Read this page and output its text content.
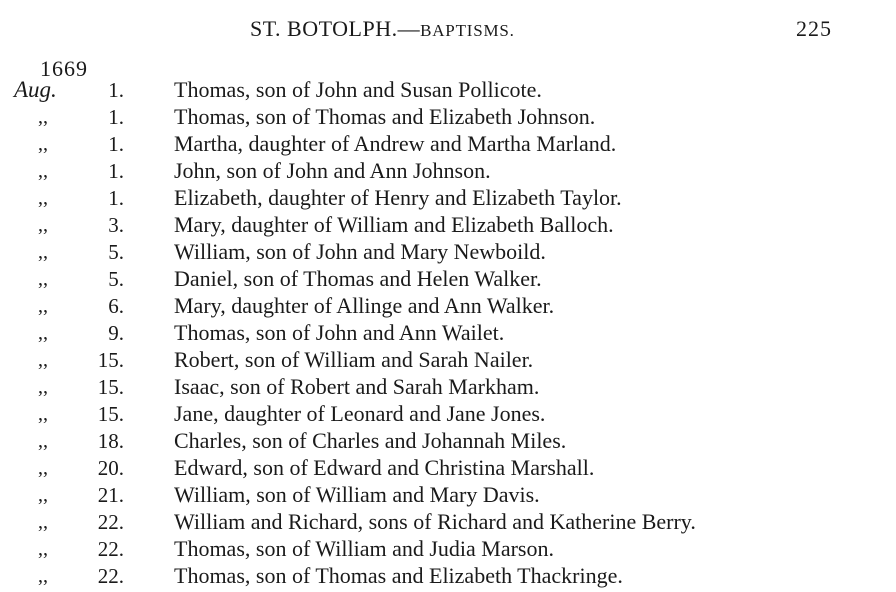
ST. BOTOLPH.—BAPTISMS.	225
1669
Aug.	1. Thomas, son of John and Susan Pollicote.
,,	1. Thomas, son of Thomas and Elizabeth Johnson.
,,	1. Martha, daughter of Andrew and Martha Marland.
,,	1. John, son of John and Ann Johnson.
,,	1. Elizabeth, daughter of Henry and Elizabeth Taylor.
,,	3. Mary, daughter of William and Elizabeth Balloch.
,,	5. William, son of John and Mary Newboild.
,,	5. Daniel, son of Thomas and Helen Walker.
,,	6. Mary, daughter of Allinge and Ann Walker.
,,	9. Thomas, son of John and Ann Wailet.
,,	15. Robert, son of William and Sarah Nailer.
,,	15. Isaac, son of Robert and Sarah Markham.
,,	15. Jane, daughter of Leonard and Jane Jones.
,,	18. Charles, son of Charles and Johannah Miles.
,,	20. Edward, son of Edward and Christina Marshall.
,,	21. William, son of William and Mary Davis.
,,	22. William and Richard, sons of Richard and Katherine Berry.
,,	22. Thomas, son of William and Judia Marson.
,,	22. Thomas, son of Thomas and Elizabeth Thackringe.
